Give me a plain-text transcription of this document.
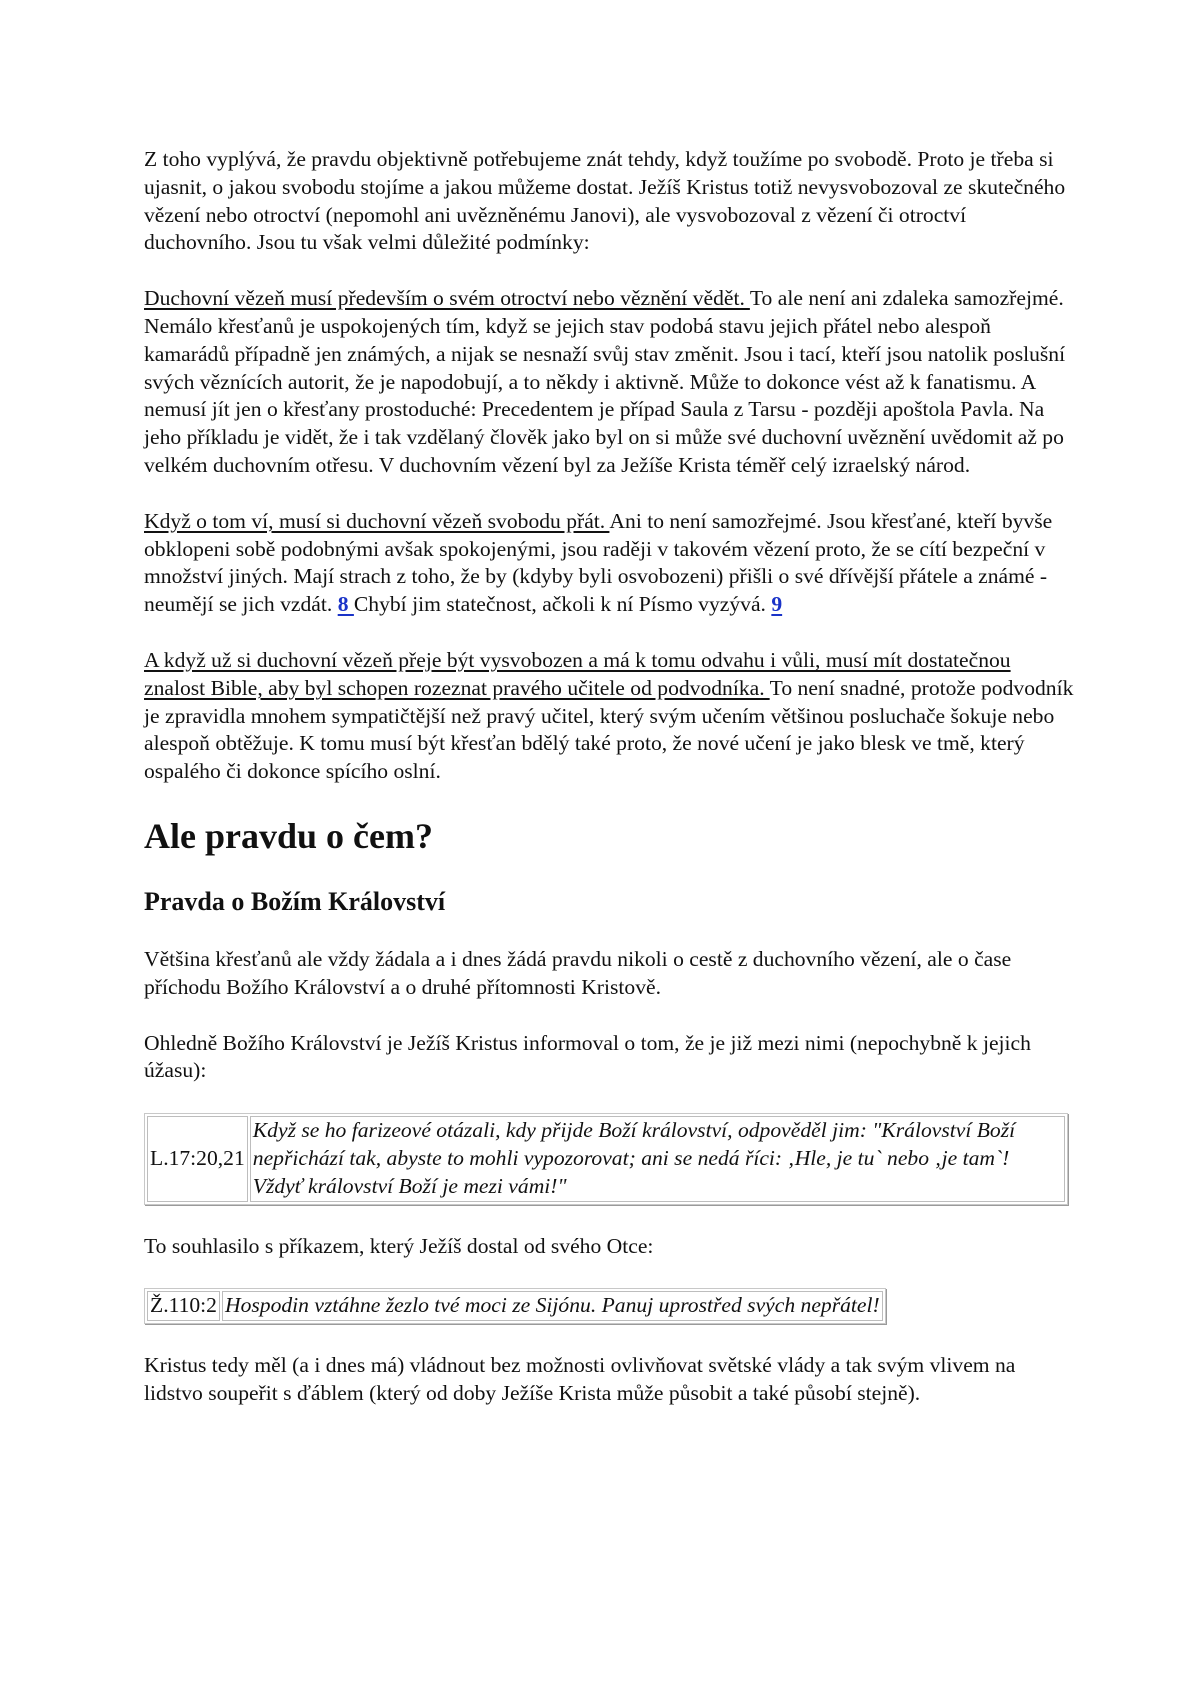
Z toho vyplývá, že pravdu objektivně potřebujeme znát tehdy, když toužíme po svobodě. Proto je třeba si ujasnit, o jakou svobodu stojíme a jakou můžeme dostat. Ježíš Kristus totiž nevysvobozoval ze skutečného vězení nebo otroctví (nepomohl ani uvězněnému Janovi), ale vysvobozoval z vězení či otroctví duchovního. Jsou tu však velmi důležité podmínky:

Duchovní vězeň musí především o svém otroctví nebo věznění vědět. To ale není ani zdaleka samozřejmé. Nemálo křesťanů je uspokojených tím, když se jejich stav podobá stavu jejich přátel nebo alespoň kamarádů případně jen známých, a nijak se nesnaží svůj stav změnit. Jsou i tací, kteří jsou natolik poslušní svých věznících autorit, že je napodobují, a to někdy i aktivně. Může to dokonce vést až k fanatismu. A nemusí jít jen o křesťany prostoduché: Precedentem je případ Saula z Tarsu - později apoštola Pavla. Na jeho příkladu je vidět, že i tak vzdělaný člověk jako byl on si může své duchovní uvěznění uvědomit až po velkém duchovním otřesu. V duchovním vězení byl za Ježíše Krista téměř celý izraelský národ.

Když o tom ví, musí si duchovní vězeň svobodu přát. Ani to není samozřejmé. Jsou křesťané, kteří byvše obklopeni sobě podobnými avšak spokojenými, jsou raději v takovém vězení proto, že se cítí bezpeční v množství jiných. Mají strach z toho, že by (kdyby byli osvobozeni) přišli o své dřívější přátele a známé - neumějí se jich vzdát. 8 Chybí jim statečnost, ačkoli k ní Písmo vyzývá. 9

A když už si duchovní vězeň přeje být vysvobozen a má k tomu odvahu i vůli, musí mít dostatečnou znalost Bible, aby byl schopen rozeznat pravého učitele od podvodníka. To není snadné, protože podvodník je zpravidla mnohem sympatičtější než pravý učitel, který svým učením většinou posluchače šokuje nebo alespoň obtěžuje. K tomu musí být křesťan bdělý také proto, že nové učení je jako blesk ve tmě, který ospalého či dokonce spícího oslní.

Ale pravdu o čem?
Pravda o Božím Království

Většina křesťanů ale vždy žádala a i dnes žádá pravdu nikoli o cestě z duchovního vězení, ale o čase příchodu Božího Království a o druhé přítomnosti Kristově.

Ohledně Božího Království je Ježíš Kristus informoval o tom, že je již mezi nimi (nepochybně k jejich úžasu):

L.17:20,21	Když se ho farizeové otázali, kdy přijde Boží království, odpověděl jim: "Království Boží nepřichází tak, abyste to mohli vypozorovat; ani se nedá říci: ‚Hle, je tu` nebo ‚je tam`! Vždyť království Boží je mezi vámi!"

To souhlasilo s příkazem, který Ježíš dostal od svého Otce:

Ž.110:2	Hospodin vztáhne žezlo tvé moci ze Sijónu. Panuj uprostřed svých nepřátel!

Kristus tedy měl (a i dnes má) vládnout bez možnosti ovlivňovat světské vlády a tak svým vlivem na lidstvo soupeřit s ďáblem (který od doby Ježíše Krista může působit a také působí stejně).
